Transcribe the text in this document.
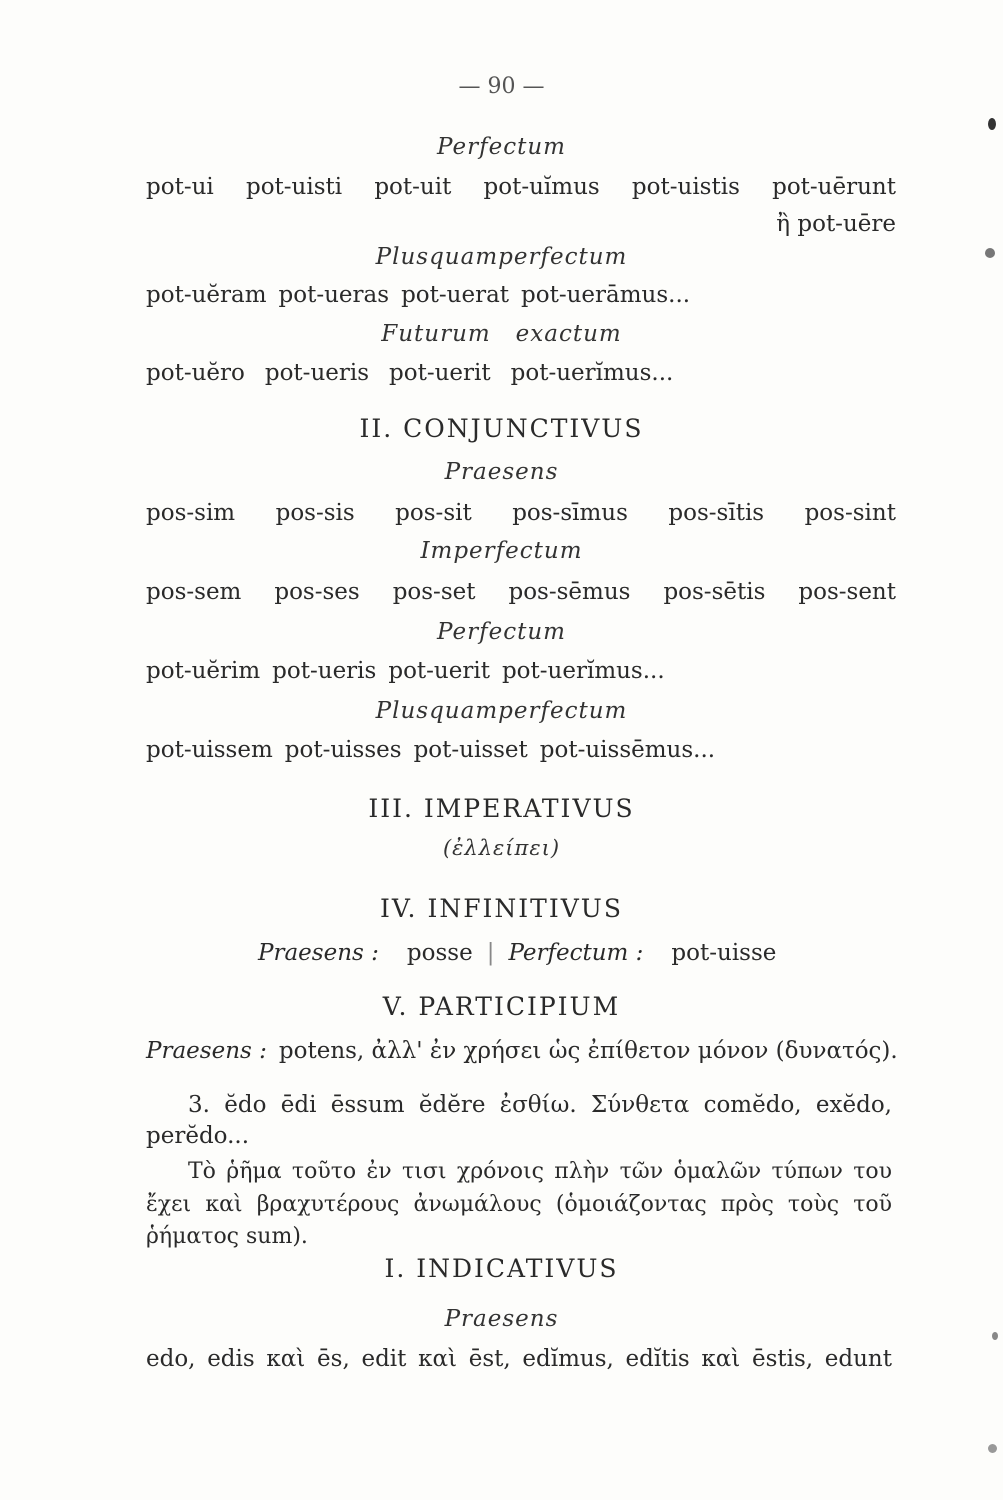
— 90 —
Perfectum
pot-ui pot-uisti pot-uit pot-uĭmus pot-uistis pot-uērunt
ἢ pot-uēre
Plusquamperfectum
pot-uĕram pot-ueras pot-uerat pot-uerāmus...
Futurum   exactum
pot-uĕro pot-ueris pot-uerit pot-uerĭmus...
II. CONJUNCTIVUS
Praesens
pos-sim pos-sis pos-sit pos-sīmus pos-sītis pos-sint
Imperfectum
pos-sem pos-ses pos-set pos-sēmus pos-sētis pos-sent
Perfectum
pot-uĕrim pot-ueris pot-uerit pot-uerĭmus...
Plusquamperfectum
pot-uissem pot-uisses pot-uisset pot-uissēmus...
III. IMPERATIVUS
(ἐλλείπει)
IV. INFINITIVUS
Praesens : posse | Perfectum : pot-uisse
V. PARTICIPIUM
Praesens : potens, ἀλλ' ἐν χρήσει ὡς ἐπίθετον μόνον (δυνατός).
3. ĕdo ēdi ēssum ĕdĕre ἐσθίω. Σύνθετα comĕdo, exĕdo,
perĕdo...
Τὸ ῥῆμα τοῦτο ἐν τισι χρόνοις πλὴν τῶν ὁμαλῶν τύπων του
ἔχει καὶ βραχυτέρους ἀνωμάλους (ὁμοιάζοντας πρὸς τοὺς τοῦ
ῥήματος sum).
I. INDICATIVUS
Praesens
edo, edis καὶ ēs, edit καὶ ēst, edĭmus, edĭtis καὶ ēstis, edunt
